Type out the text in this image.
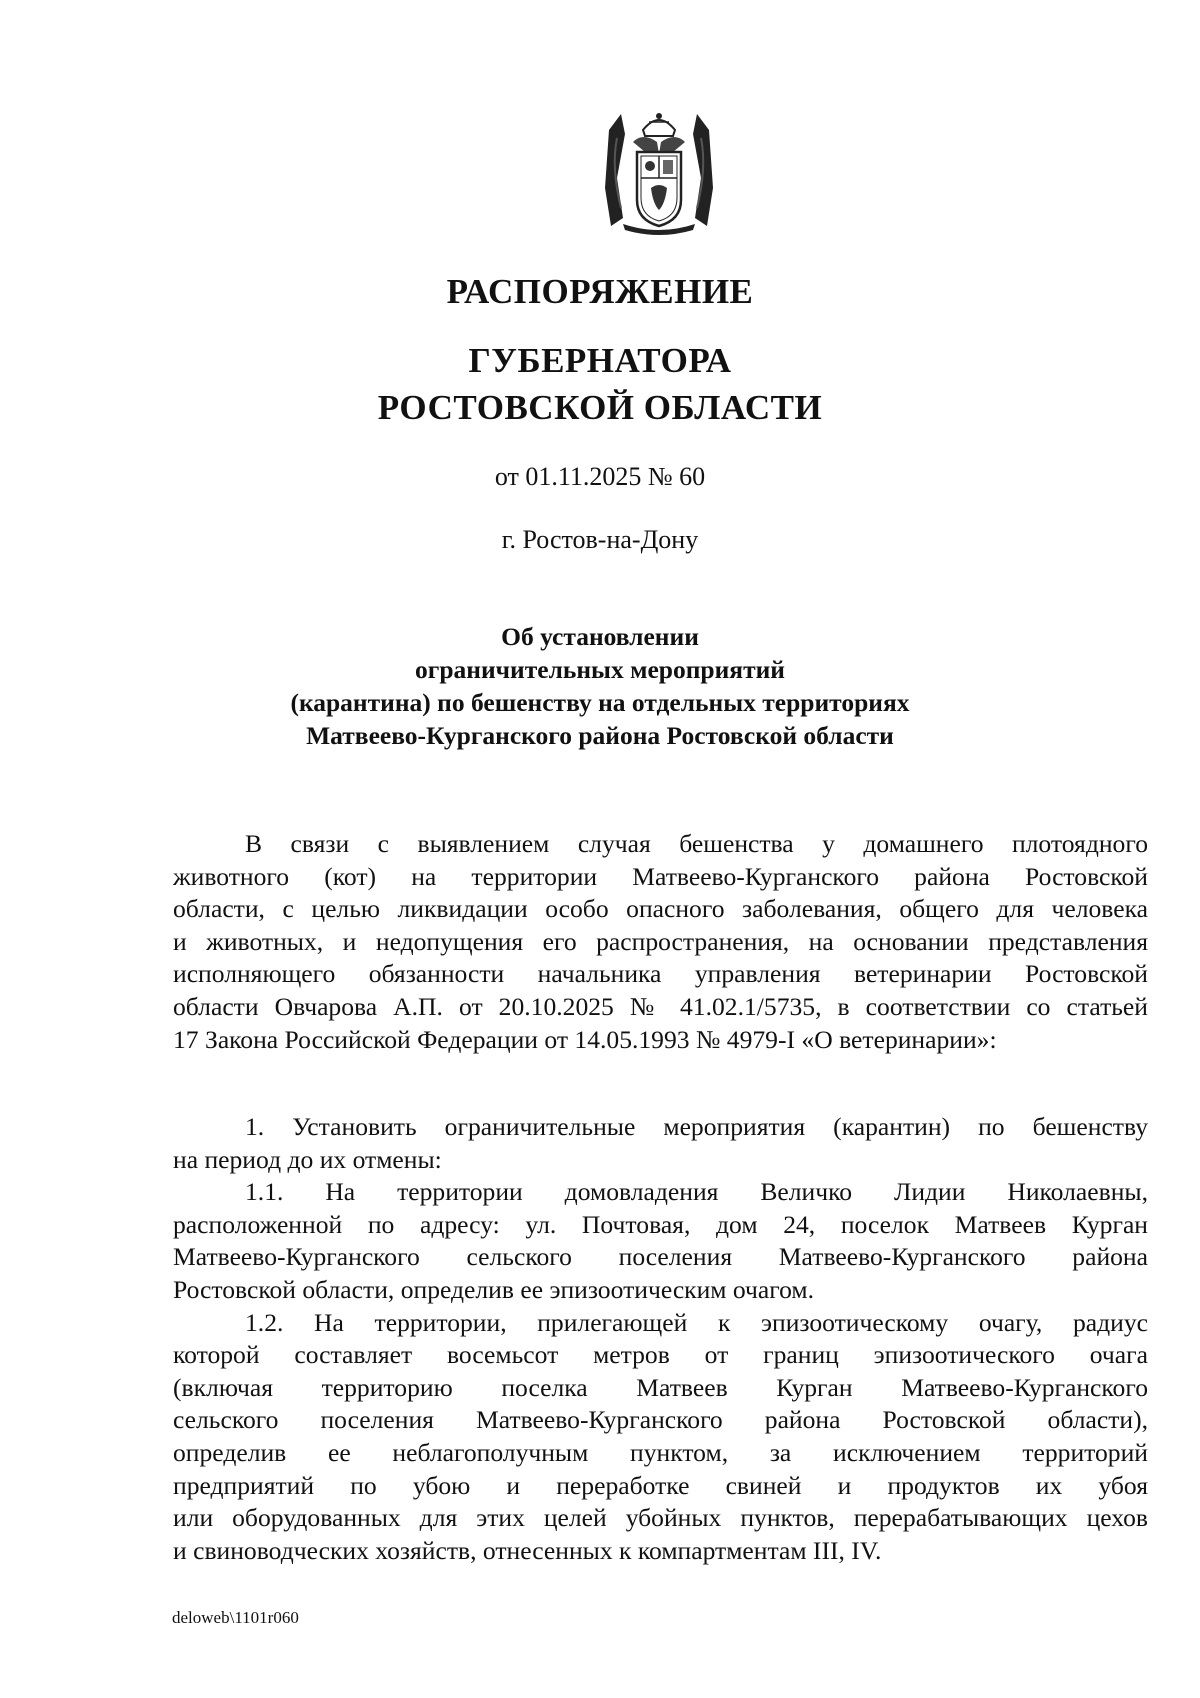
РАСПОРЯЖЕНИЕ
ГУБЕРНАТОРА
РОСТОВСКОЙ ОБЛАСТИ
от 01.11.2025 № 60
г. Ростов-на-Дону
Об установлении
ограничительных мероприятий
(карантина) по бешенству на отдельных территориях
Матвеево-Курганского района Ростовской области
В связи с выявлением случая бешенства у домашнего плотоядного
животного (кот) на территории Матвеево-Курганского района Ростовской
области, с целью ликвидации особо опасного заболевания, общего для человека
и животных, и недопущения его распространения, на основании представления
исполняющего обязанности начальника управления ветеринарии Ростовской
области Овчарова А.П. от 20.10.2025 № 41.02.1/5735, в соответствии со статьей
17 Закона Российской Федерации от 14.05.1993 № 4979-I «О ветеринарии»:
1. Установить ограничительные мероприятия (карантин) по бешенству
на период до их отмены:
1.1. На территории домовладения Величко Лидии Николаевны,
расположенной по адресу: ул. Почтовая, дом 24, поселок Матвеев Курган
Матвеево-Курганского сельского поселения Матвеево-Курганского района
Ростовской области, определив ее эпизоотическим очагом.
1.2. На территории, прилегающей к эпизоотическому очагу, радиус
которой составляет восемьсот метров от границ эпизоотического очага
(включая территорию поселка Матвеев Курган Матвеево-Курганского
сельского поселения Матвеево-Курганского района Ростовской области),
определив ее неблагополучным пунктом, за исключением территорий
предприятий по убою и переработке свиней и продуктов их убоя
или оборудованных для этих целей убойных пунктов, перерабатывающих цехов
и свиноводческих хозяйств, отнесенных к компартментам III, IV.
deloweb\1101r060
